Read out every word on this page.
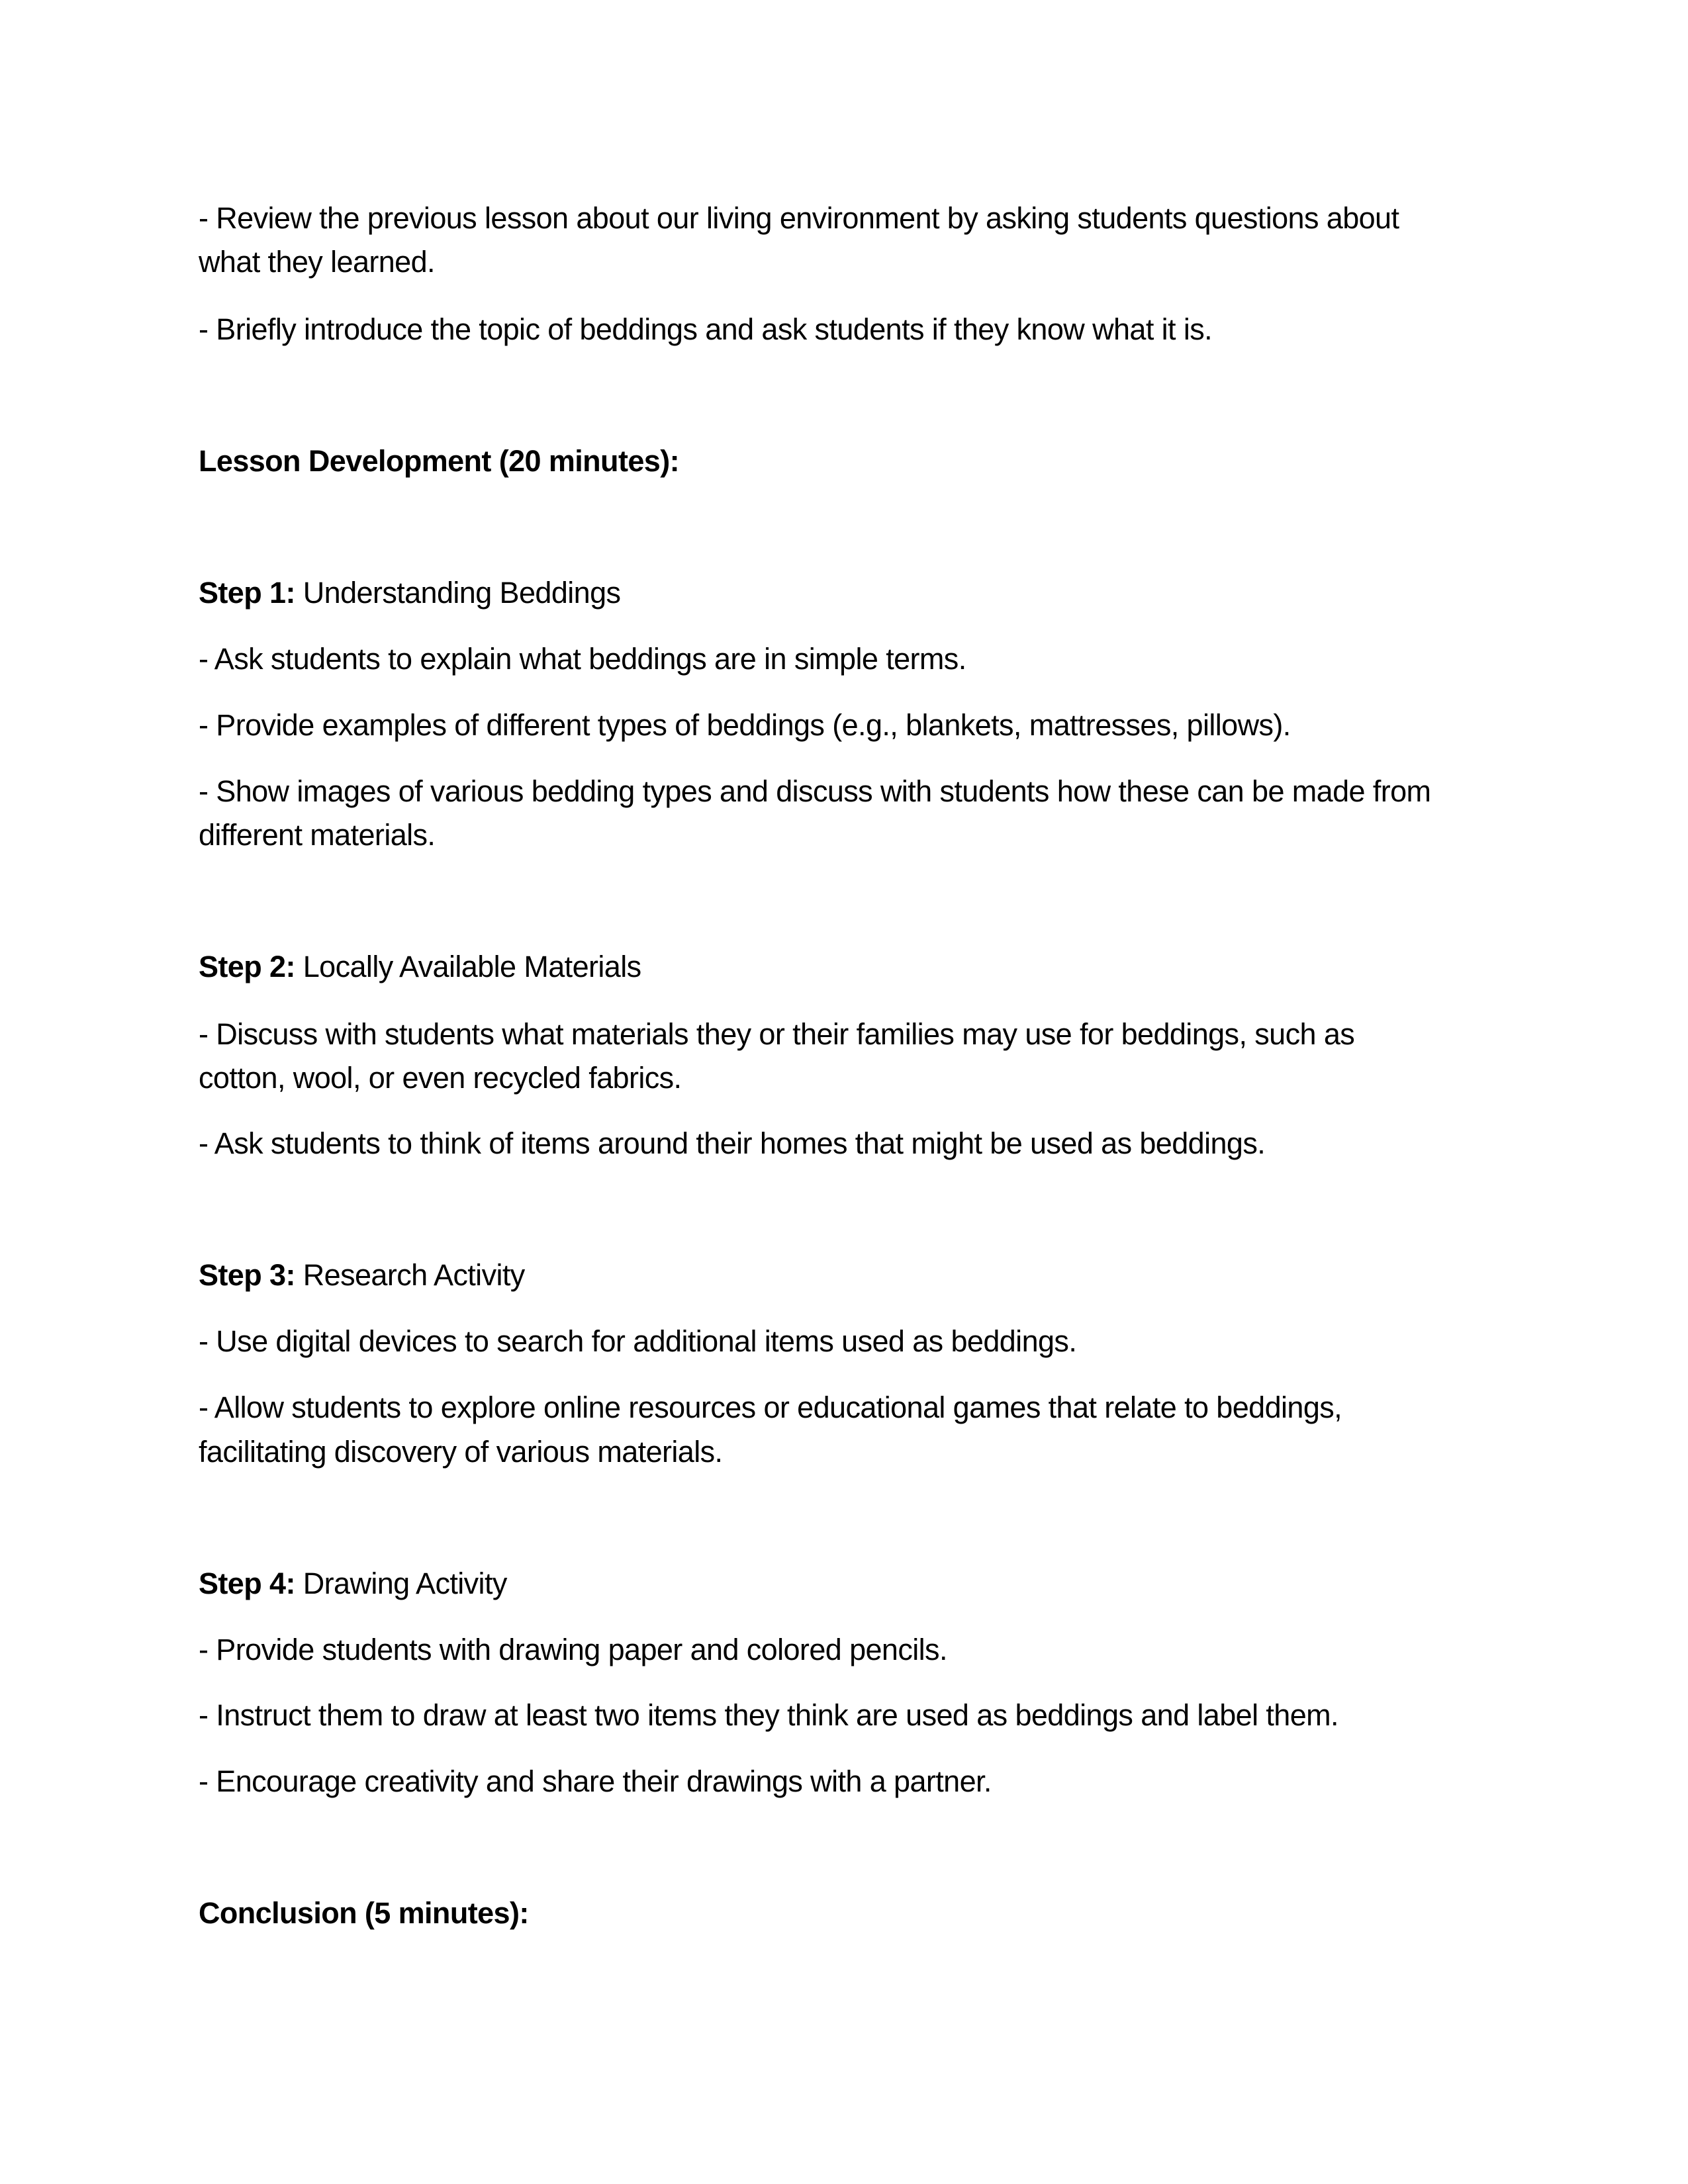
- Review the previous lesson about our living environment by asking students questions about
what they learned.
- Briefly introduce the topic of beddings and ask students if they know what it is.
Lesson Development (20 minutes):
Step 1: Understanding Beddings
- Ask students to explain what beddings are in simple terms.
- Provide examples of different types of beddings (e.g., blankets, mattresses, pillows).
- Show images of various bedding types and discuss with students how these can be made from
different materials.
Step 2: Locally Available Materials
- Discuss with students what materials they or their families may use for beddings, such as
cotton, wool, or even recycled fabrics.
- Ask students to think of items around their homes that might be used as beddings.
Step 3: Research Activity
- Use digital devices to search for additional items used as beddings.
- Allow students to explore online resources or educational games that relate to beddings,
facilitating discovery of various materials.
Step 4: Drawing Activity
- Provide students with drawing paper and colored pencils.
- Instruct them to draw at least two items they think are used as beddings and label them.
- Encourage creativity and share their drawings with a partner.
Conclusion (5 minutes):
